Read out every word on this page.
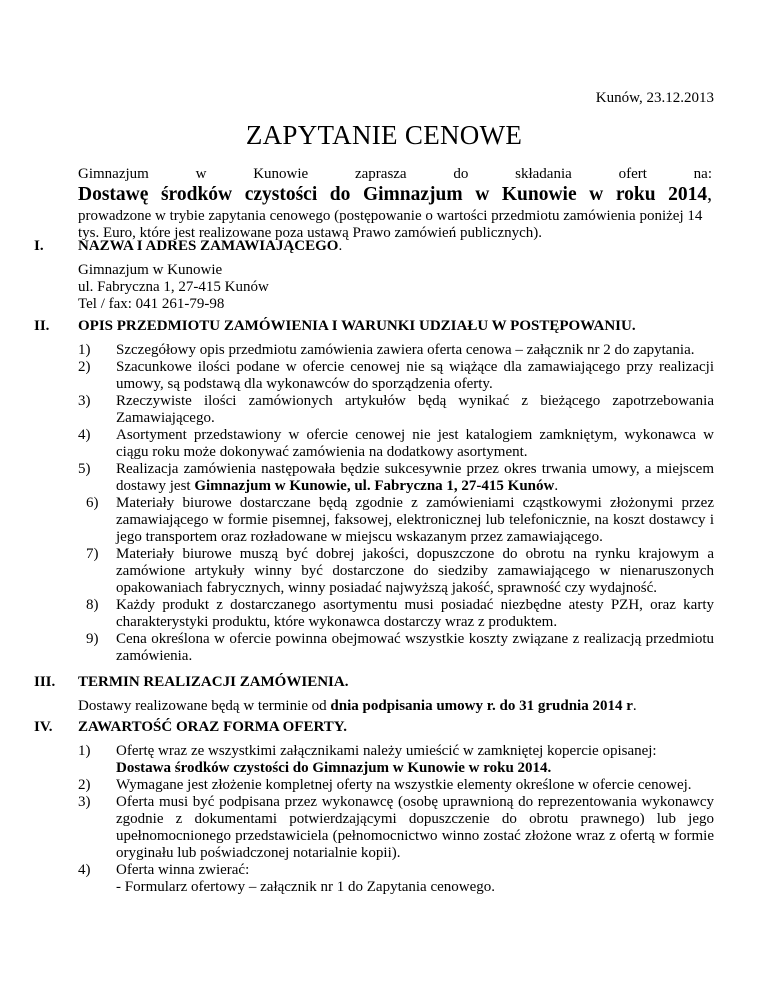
Kunów, 23.12.2013
ZAPYTANIE CENOWE
Gimnazjum w Kunowie zaprasza do składania ofert na:
Dostawę środków czystości do Gimnazjum w Kunowie w roku 2014,
prowadzone w trybie zapytania cenowego (postępowanie o wartości przedmiotu zamówienia poniżej 14 tys. Euro, które jest realizowane poza ustawą Prawo zamówień publicznych).
I. NAZWA I ADRES ZAMAWIAJĄCEGO.
Gimnazjum w Kunowie
ul. Fabryczna 1, 27-415 Kunów
Tel / fax: 041 261-79-98
II. OPIS PRZEDMIOTU ZAMÓWIENIA I WARUNKI UDZIAŁU W POSTĘPOWANIU.
1) Szczegółowy opis przedmiotu zamówienia zawiera oferta cenowa – załącznik nr 2 do zapytania.
2) Szacunkowe ilości podane w ofercie cenowej nie są wiążące dla zamawiającego przy realizacji umowy, są podstawą dla wykonawców do sporządzenia oferty.
3) Rzeczywiste ilości zamówionych artykułów będą wynikać z bieżącego zapotrzebowania Zamawiającego.
4) Asortyment przedstawiony w ofercie cenowej nie jest katalogiem zamkniętym, wykonawca w ciągu roku może dokonywać zamówienia na dodatkowy asortyment.
5) Realizacja zamówienia następowała będzie sukcesywnie przez okres trwania umowy, a miejscem dostawy jest Gimnazjum w Kunowie, ul. Fabryczna 1, 27-415 Kunów.
6) Materiały biurowe dostarczane będą zgodnie z zamówieniami cząstkowymi złożonymi przez zamawiającego w formie pisemnej, faksowej, elektronicznej lub telefonicznie, na koszt dostawcy i jego transportem oraz rozładowane w miejscu wskazanym przez zamawiającego.
7) Materiały biurowe muszą być dobrej jakości, dopuszczone do obrotu na rynku krajowym a zamówione artykuły winny być dostarczone do siedziby zamawiającego w nienaruszonych opakowaniach fabrycznych, winny posiadać najwyższą jakość, sprawność czy wydajność.
8) Każdy produkt z dostarczanego asortymentu musi posiadać niezbędne atesty PZH, oraz karty charakterystyki produktu, które wykonawca dostarczy wraz z produktem.
9) Cena określona w ofercie powinna obejmować wszystkie koszty związane z realizacją przedmiotu zamówienia.
III. TERMIN REALIZACJI ZAMÓWIENIA.
Dostawy realizowane będą w terminie od dnia podpisania umowy r. do 31 grudnia 2014 r.
IV. ZAWARTOŚĆ ORAZ FORMA OFERTY.
1) Ofertę wraz ze wszystkimi załącznikami należy umieścić w zamkniętej kopercie opisanej:
Dostawa środków czystości do Gimnazjum w Kunowie w roku 2014.
2) Wymagane jest złożenie kompletnej oferty na wszystkie elementy określone w ofercie cenowej.
3) Oferta musi być podpisana przez wykonawcę (osobę uprawnioną do reprezentowania wykonawcy zgodnie z dokumentami potwierdzającymi dopuszczenie do obrotu prawnego) lub jego upełnomocnionego przedstawiciela (pełnomocnictwo winno zostać złożone wraz z ofertą w formie oryginału lub poświadczonej notarialnie kopii).
4) Oferta winna zwierać:
- Formularz ofertowy – załącznik nr 1 do Zapytania cenowego.
